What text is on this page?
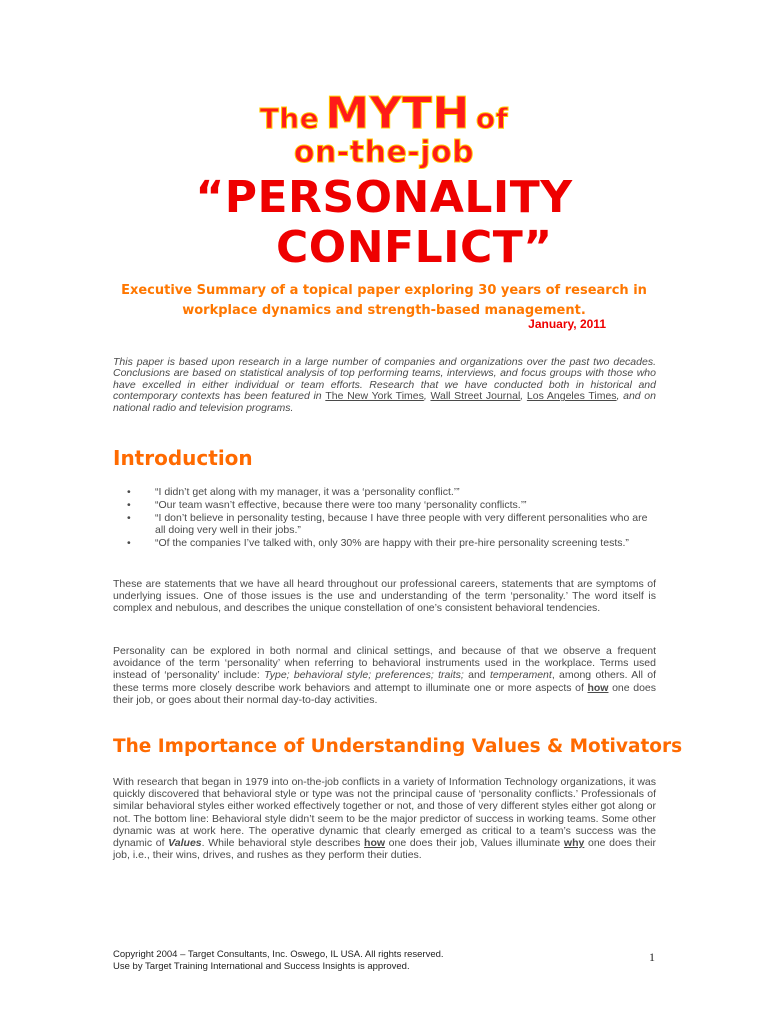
The MYTH of
on-the-job
“PERSONALITY
CONFLICT”
Executive Summary of a topical paper exploring 30 years of research in workplace dynamics and strength-based management.
January, 2011
This paper is based upon research in a large number of companies and organizations over the past two decades. Conclusions are based on statistical analysis of top performing teams, interviews, and focus groups with those who have excelled in either individual or team efforts. Research that we have conducted both in historical and contemporary contexts has been featured in The New York Times, Wall Street Journal, Los Angeles Times, and on national radio and television programs.
Introduction
• “I didn’t get along with my manager, it was a ‘personality conflict.’”
• “Our team wasn’t effective, because there were too many ‘personality conflicts.’”
• “I don’t believe in personality testing, because I have three people with very different personalities who are all doing very well in their jobs.”
• “Of the companies I’ve talked with, only 30% are happy with their pre-hire personality screening tests.”

These are statements that we have all heard throughout our professional careers, statements that are symptoms of underlying issues. One of those issues is the use and understanding of the term ‘personality.’ The word itself is complex and nebulous, and describes the unique constellation of one’s consistent behavioral tendencies.

Personality can be explored in both normal and clinical settings, and because of that we observe a frequent avoidance of the term ‘personality’ when referring to behavioral instruments used in the workplace. Terms used instead of ‘personality’ include: Type; behavioral style; preferences; traits; and temperament, among others. All of these terms more closely describe work behaviors and attempt to illuminate one or more aspects of how one does their job, or goes about their normal day-to-day activities.

The Importance of Understanding Values & Motivators

With research that began in 1979 into on-the-job conflicts in a variety of Information Technology organizations, it was quickly discovered that behavioral style or type was not the principal cause of ‘personality conflicts.’ Professionals of similar behavioral styles either worked effectively together or not, and those of very different styles either got along or not. The bottom line: Behavioral style didn’t seem to be the major predictor of success in working teams. Some other dynamic was at work here. The operative dynamic that clearly emerged as critical to a team’s success was the dynamic of Values. While behavioral style describes how one does their job, Values illuminate why one does their job, i.e., their wins, drives, and rushes as they perform their duties.

Copyright 2004 – Target Consultants, Inc. Oswego, IL USA. All rights reserved.
Use by Target Training International and Success Insights is approved.
1
